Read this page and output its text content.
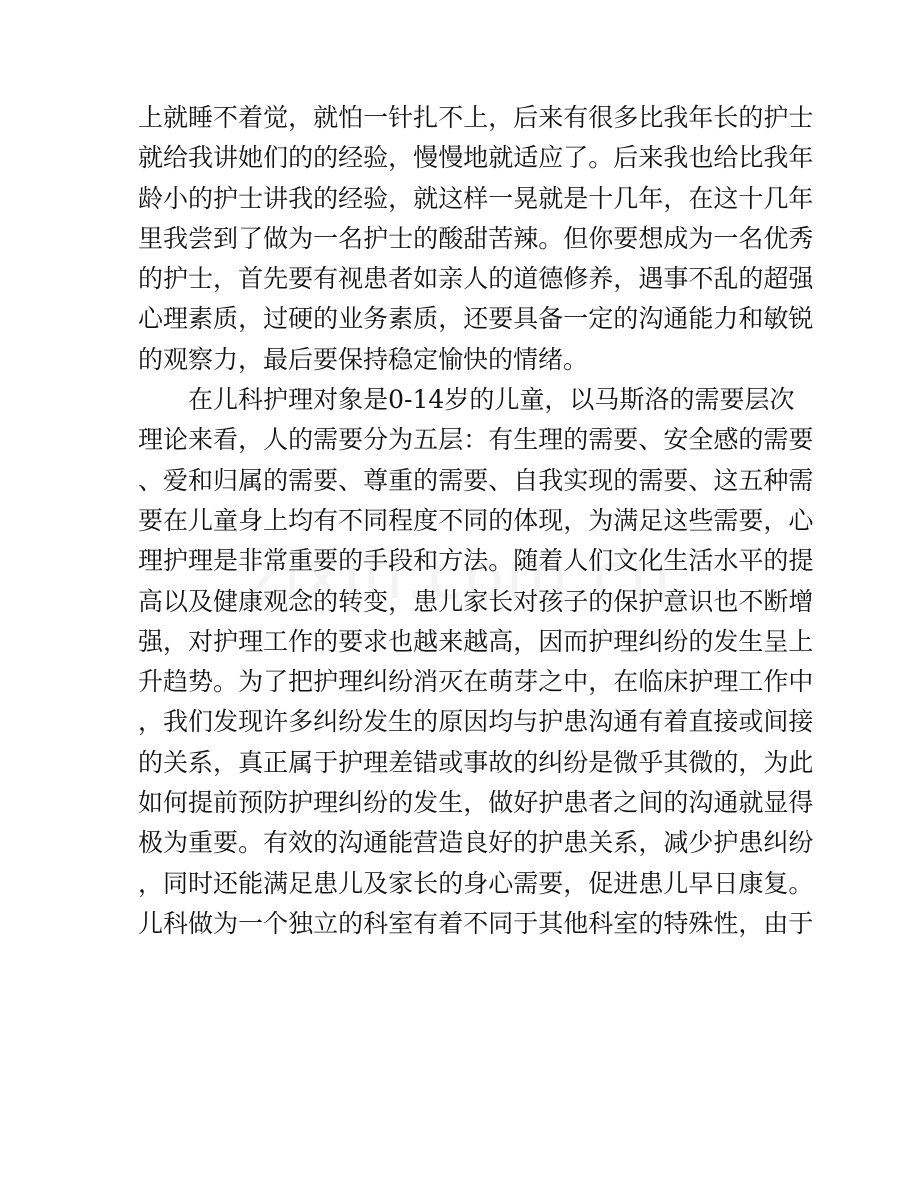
上 就 睡 不 着 觉 ， 就 怕 一 针 扎 不 上 ， 后 来 有 很 多 比 我 年 长 的 护 士
就 给 我 讲 她 们 的 的 经 验 ， 慢 慢 地 就 适 应 了 。 后 来 我 也 给 比 我 年
龄 小 的 护 士 讲 我 的 经 验 ， 就 这 样 一 晃 就 是 十 几 年 ， 在 这 十 几 年
里 我 尝 到 了 做 为 一 名 护 士 的 酸 甜 苦 辣 。 但 你 要 想 成 为 一 名 优 秀
的 护 士 ， 首 先 要 有 视 患 者 如 亲 人 的 道 德 修 养 ， 遇 事 不 乱 的 超 强
心 理 素 质 ， 过 硬 的 业 务 素 质 ， 还 要 具 备 一 定 的 沟 通 能 力 和 敏 锐
的观察力，最后要保持稳定愉快的情绪。
在 儿 科 护 理 对 象 是 0-14 岁 的 儿 童 ， 以 马 斯 洛 的 需 要 层 次
理 论 来 看 ， 人 的 需 要 分 为 五 层 ： 有 生 理 的 需 要 、 安 全 感 的 需 要
、 爱 和 归 属 的 需 要 、 尊 重 的 需 要 、 自 我 实 现 的 需 要 、 这 五 种 需
要 在 儿 童 身 上 均 有 不 同 程 度 不 同 的 体 现 ， 为 满 足 这 些 需 要 ， 心
理 护 理 是 非 常 重 要 的 手 段 和 方 法 。 随 着 人 们 文 化 生 活 水 平 的 提
高 以 及 健 康 观 念 的 转 变 ， 患 儿 家 长 对 孩 子 的 保 护 意 识 也 不 断 增
强 ， 对 护 理 工 作 的 要 求 也 越 来 越 高 ， 因 而 护 理 纠 纷 的 发 生 呈 上
升 趋 势 。 为 了 把 护 理 纠 纷 消 灭 在 萌 芽 之 中 ， 在 临 床 护 理 工 作 中
， 我 们 发 现 许 多 纠 纷 发 生 的 原 因 均 与 护 患 沟 通 有 着 直 接 或 间 接
的 关 系 ， 真 正 属 于 护 理 差 错 或 事 故 的 纠 纷 是 微 乎 其 微 的 ， 为 此
如 何 提 前 预 防 护 理 纠 纷 的 发 生 ， 做 好 护 患 者 之 间 的 沟 通 就 显 得
极 为 重 要 。 有 效 的 沟 通 能 营 造 良 好 的 护 患 关 系 ， 减 少 护 患 纠 纷
， 同 时 还 能 满 足 患 儿 及 家 长 的 身 心 需 要 ， 促 进 患 儿 早 日 康 复 。
儿 科 做 为 一 个 独 立 的 科 室 有 着 不 同 于 其 他 科 室 的 特 殊 性 ， 由 于
